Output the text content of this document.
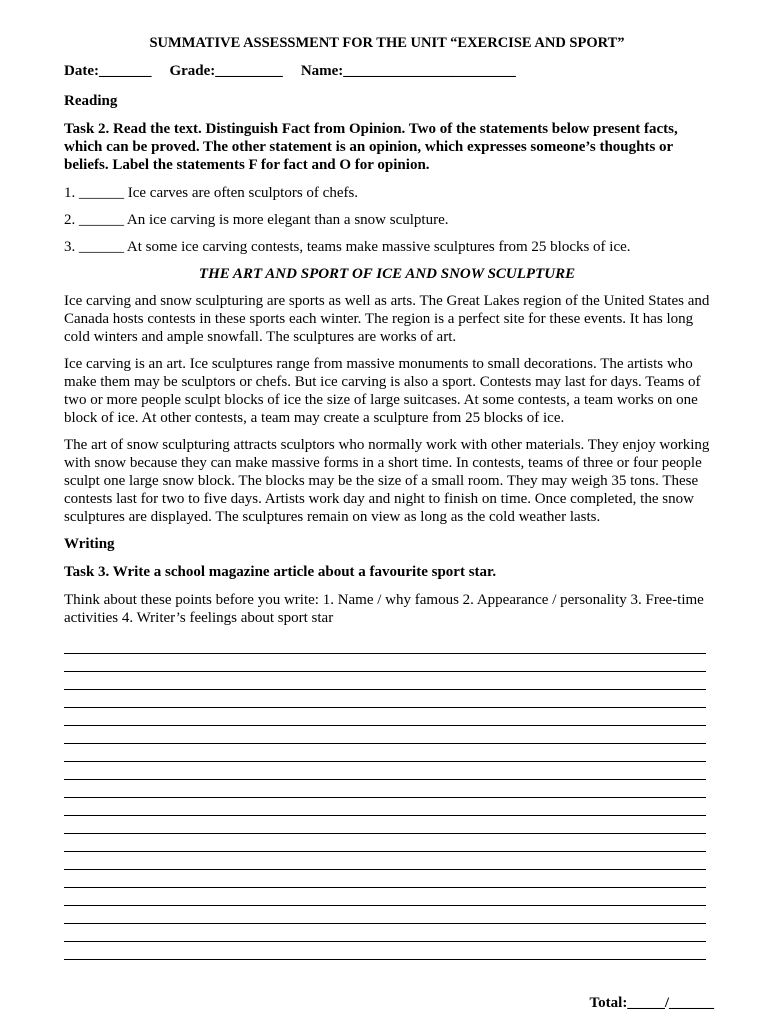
SUMMATIVE ASSESSMENT FOR THE UNIT “EXERCISE AND SPORT”
Date:_______ Grade:_________ Name:_______________________
Reading
Task 2. Read the text. Distinguish Fact from Opinion. Two of the statements below present facts, which can be proved. The other statement is an opinion, which expresses someone’s thoughts or beliefs. Label the statements F for fact and O for opinion.
1. ______ Ice carves are often sculptors of chefs.
2. ______ An ice carving is more elegant than a snow sculpture.
3. ______ At some ice carving contests, teams make massive sculptures from 25 blocks of ice.
THE ART AND SPORT OF ICE AND SNOW SCULPTURE
Ice carving and snow sculpturing are sports as well as arts. The Great Lakes region of the United States and Canada hosts contests in these sports each winter. The region is a perfect site for these events. It has long cold winters and ample snowfall. The sculptures are works of art.
Ice carving is an art. Ice sculptures range from massive monuments to small decorations. The artists who make them may be sculptors or chefs. But ice carving is also a sport. Contests may last for days. Teams of two or more people sculpt blocks of ice the size of large suitcases. At some contests, a team works on one block of ice. At other contests, a team may create a sculpture from 25 blocks of ice.
The art of snow sculpturing attracts sculptors who normally work with other materials. They enjoy working with snow because they can make massive forms in a short time. In contests, teams of three or four people sculpt one large snow block. The blocks may be the size of a small room. They may weigh 35 tons. These contests last for two to five days. Artists work day and night to finish on time. Once completed, the snow sculptures are displayed. The sculptures remain on view as long as the cold weather lasts.
Writing
Task 3. Write a school magazine article about a favourite sport star.
Think about these points before you write: 1. Name / why famous 2. Appearance / personality 3. Free-time activities 4. Writer’s feelings about sport star
Total:_____/______
